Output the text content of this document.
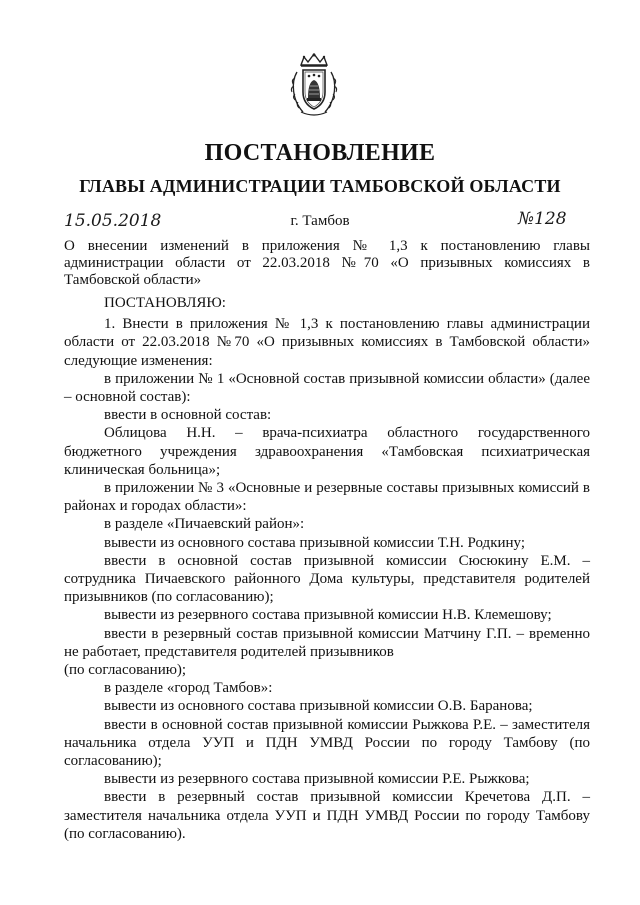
ПОСТАНОВЛЕНИЕ
ГЛАВЫ АДМИНИСТРАЦИИ ТАМБОВСКОЙ ОБЛАСТИ
15.05.2018	г. Тамбов	№128
О внесении изменений в приложения № 1,3 к постановлению главы администрации области от 22.03.2018 №70 «О призывных комиссиях в Тамбовской области»

ПОСТАНОВЛЯЮ:

1. Внести в приложения № 1,3 к постановлению главы администрации области от 22.03.2018 №70 «О призывных комиссиях в Тамбовской области» следующие изменения:

в приложении № 1 «Основной состав призывной комиссии области» (далее – основной состав):

ввести в основной состав:

Облицова Н.Н. – врача-психиатра областного государственного бюджетного учреждения здравоохранения «Тамбовская психиатрическая клиническая больница»;

в приложении № 3 «Основные и резервные составы призывных комиссий в районах и городах области»:

в разделе «Пичаевский район»:

вывести из основного состава призывной комиссии Т.Н. Родкину;

ввести в основной состав призывной комиссии Сюсюкину Е.М. – сотрудника Пичаевского районного Дома культуры, представителя родителей призывников (по согласованию);

вывести из резервного состава призывной комиссии Н.В. Клемешову;

ввести в резервный состав призывной комиссии Матчину Г.П. – временно не работает, представителя родителей призывников

(по согласованию);

в разделе «город Тамбов»:

вывести из основного состава призывной комиссии О.В. Баранова;

ввести в основной состав призывной комиссии Рыжкова Р.Е. – заместителя начальника отдела УУП и ПДН УМВД России по городу Тамбову (по согласованию);

вывести из резервного состава призывной комиссии Р.Е. Рыжкова;

ввести в резервный состав призывной комиссии Кречетова Д.П. – заместителя начальника отдела УУП и ПДН УМВД России по городу Тамбову (по согласованию).
